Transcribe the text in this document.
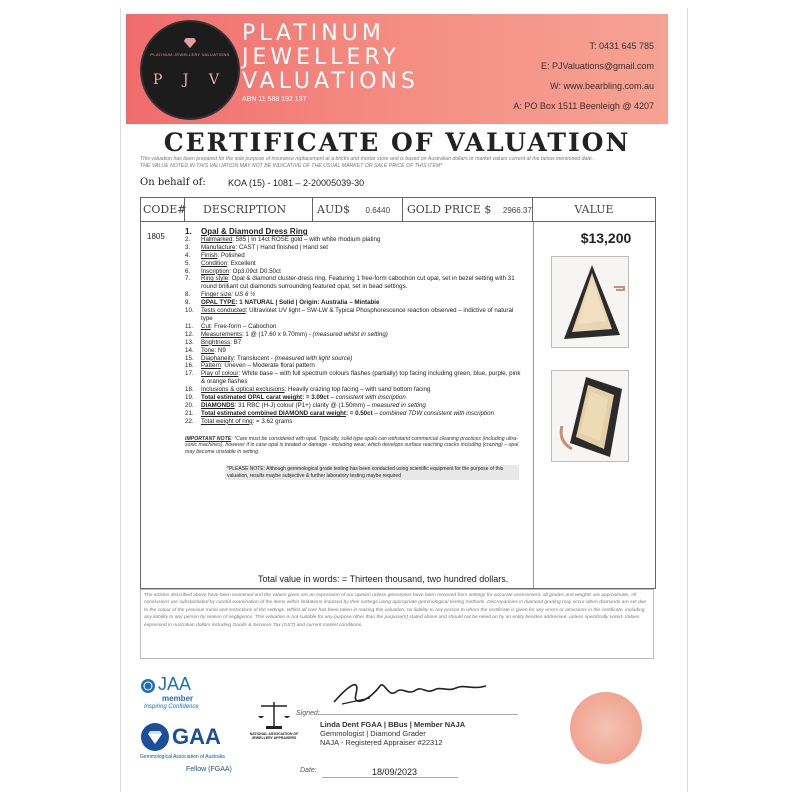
PLATINUM JEWELLERY VALUATIONS
P J V
PLATINUM
JEWELLERY
VALUATIONS
ABN 11 588 192 137
T: 0431 645 785
E: PJValuations@gmail.com
W: www.bearbling.com.au
A: PO Box 1511 Beenleigh @ 4207
CERTIFICATE OF VALUATION
This valuation has been prepared for the sole purpose of insurance replacement at a bricks and mortar store and is based on Australian dollars or market values current at the below mentioned date.
THE VALUE NOTED IN THIS VALUATION MAY NOT BE INDICATIVE OF THE USUAL MARKET OR SALE PRICE OF THIS ITEM*
On behalf of: KOA (15) - 1081 – 2-20005039-30
CODE#	DESCRIPTION	AUD$ 0.6440	GOLD PRICE $ 2966.37	VALUE
1805
1.	Opal & Diamond Dress Ring
2.	Hallmarked: 585 | In 14ct ROSE gold – with white rhodium plating
3.	Manufacture: CAST | Hand finished | Hand set
4.	Finish: Polished
5.	Condition: Excellent
6.	Inscription: Op3.09ct D0.50ct
7.	Ring style: Opal & diamond cluster-dress ring. Featuring 1 free-form cabochon cut opal, set in bezel setting with 31 round brilliant cut diamonds surrounding featured opal, set in bead settings.
8.	Finger size: US 6 ½
9.	OPAL TYPE: 1 NATURAL | Solid | Origin: Australia – Mintabie
10.	Tests conducted: Ultraviolet UV light – SW-LW & Typical Phosphorescence reaction observed – indictive of natural type
11.	Cut: Free-form – Cabochon
12.	Measurements: 1 @ (17.60 x 9.70mm) - (measured whilst in setting)
13.	Brightness: B7
14.	Tone: N9
15.	Diaphaneity: Translucent - (measured with light source)
16.	Pattern: Uneven – Moderate floral pattern
17.	Play of colour: White base – with full spectrum colours flashes (partially) top facing including green, blue, purple, pink & orange flashes
18.	Inclusions & optical exclusions: Heavily crazing top facing – with sand bottom facing
19.	Total estimated OPAL carat weight: = 3.09ct – consistent with inscription
20.	DIAMONDS: 31 RBC (H-J) colour (P1+) clarity @ (1.50mm) – measured in setting
21.	Total estimated combined DIAMOND carat weight: = 0.50ct – combined TDW consistent with inscription
22.	Total weight of ring: = 3.62 grams
IMPORTANT NOTE: *Care must be considered with opal. Typically, solid type opals can withstand commercial cleaning practices (including ultra-sonic machines), however if in case opal is treated or damage - including wear, which develops surface reaching cracks including (crazing) – opal may become unstable in setting.
*PLEASE NOTE: Although gemmological grade testing has been conducted using scientific equipment for the purpose of this valuation, results maybe subjective & further laboratory testing maybe required
$13,200
Total value in words: = Thirteen thousand, two hundred dollars.
The articles described above have been examined and the values given are an expression of our opinion unless gemstones have been removed from settings for accurate assessment, all grades and weights are approximate. All conclusions are substantiated by careful examination of the items within limitations imposed by their settings using appropriate gemmological testing methods. Discrepancies in diamond grading may occur when diamonds are set due to the colour of the precious metal and restrictions of the settings. Whilst all care has been taken in making this valuation, no liability to any person to whom the certificate is given for any errors or omissions in the certificate, including any liability to any person by reason of negligence. This valuation is not suitable for any purpose other than the purpose(s) stated above and should not be relied on by an entity besides addressee, unless specifically noted. Values expressed in Australian dollars including Goods & Services Tax (GST) and current market conditions.
JAA
member
Inspiring Confidence
GAA
Gemmological Association of Australia
Fellow (FGAA)
NATIONAL ASSOCIATION OF JEWELLERY APPRAISERS
Signed:
Linda Dent FGAA | BBus | Member NAJA
Gemmologist | Diamond Grader
NAJA - Registered Appraiser #22312
Date:	18/09/2023
